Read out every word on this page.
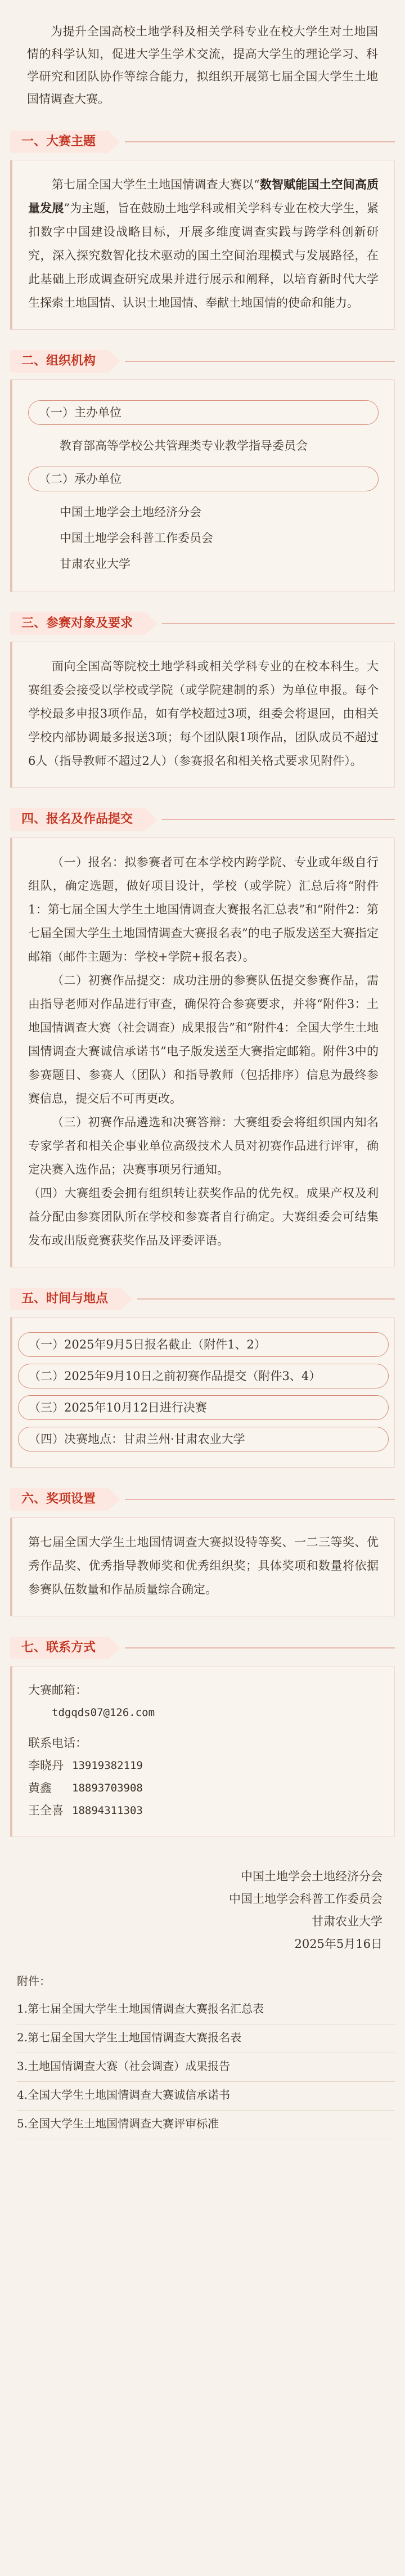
为提升全国高校土地学科及相关学科专业在校大学生对土地国情的科学认知，促进大学生学术交流，提高大学生的理论学习、科学研究和团队协作等综合能力，拟组织开展第七届全国大学生土地国情调查大赛。
一、大赛主题

第七届全国大学生土地国情调查大赛以“数智赋能国土空间高质量发展”为主题，旨在鼓励土地学科或相关学科专业在校大学生，紧扣数字中国建设战略目标，开展多维度调查实践与跨学科创新研究，深入探究数智化技术驱动的国土空间治理模式与发展路径，在此基础上形成调查研究成果并进行展示和阐释，以培育新时代大学生探索土地国情、认识土地国情、奉献土地国情的使命和能力。

二、组织机构
（一）主办单位
教育部高等学校公共管理类专业教学指导委员会
（二）承办单位
中国土地学会土地经济分会
中国土地学会科普工作委员会
甘肃农业大学
三、参赛对象及要求

面向全国高等院校土地学科或相关学科专业的在校本科生。大赛组委会接受以学校或学院（或学院建制的系）为单位申报。每个学校最多申报3项作品，如有学校超过3项，组委会将退回，由相关学校内部协调最多报送3项；每个团队限1项作品，团队成员不超过6人（指导教师不超过2人）（参赛报名和相关格式要求见附件）。

四、报名及作品提交

（一）报名：拟参赛者可在本学校内跨学院、专业或年级自行组队，确定选题，做好项目设计，学校（或学院）汇总后将“附件1：第七届全国大学生土地国情调查大赛报名汇总表”和“附件2：第七届全国大学生土地国情调查大赛报名表”的电子版发送至大赛指定邮箱（邮件主题为：学校+学院+报名表）。

（二）初赛作品提交：成功注册的参赛队伍提交参赛作品，需由指导老师对作品进行审查，确保符合参赛要求，并将“附件3：土地国情调查大赛（社会调查）成果报告”和“附件4：全国大学生土地国情调查大赛诚信承诺书”电子版发送至大赛指定邮箱。附件3中的参赛题目、参赛人（团队）和指导教师（包括排序）信息为最终参赛信息，提交后不可再更改。

（三）初赛作品遴选和决赛答辩：大赛组委会将组织国内知名专家学者和相关企事业单位高级技术人员对初赛作品进行评审，确定决赛入选作品；决赛事项另行通知。

（四）大赛组委会拥有组织转让获奖作品的优先权。成果产权及利益分配由参赛团队所在学校和参赛者自行确定。大赛组委会可结集发布或出版竞赛获奖作品及评委评语。

五、时间与地点
（一）2025年9月5日报名截止（附件1、2）
（二）2025年9月10日之前初赛作品提交（附件3、4）
（三）2025年10月12日进行决赛
（四）决赛地点：甘肃兰州·甘肃农业大学
六、奖项设置

第七届全国大学生土地国情调查大赛拟设特等奖、一二三等奖、优秀作品奖、优秀指导教师奖和优秀组织奖；具体奖项和数量将依据参赛队伍数量和作品质量综合确定。

七、联系方式
大赛邮箱：
tdgqds07@126.com
联系电话：
李晓丹 13919382119
黄鑫	18893703908
王全喜 18894311303
中国土地学会土地经济分会
中国土地学会科普工作委员会
甘肃农业大学
2025年5月16日
附件：
1.第七届全国大学生土地国情调查大赛报名汇总表
2.第七届全国大学生土地国情调查大赛报名表
3.土地国情调查大赛（社会调查）成果报告
4.全国大学生土地国情调查大赛诚信承诺书
5.全国大学生土地国情调查大赛评审标准
